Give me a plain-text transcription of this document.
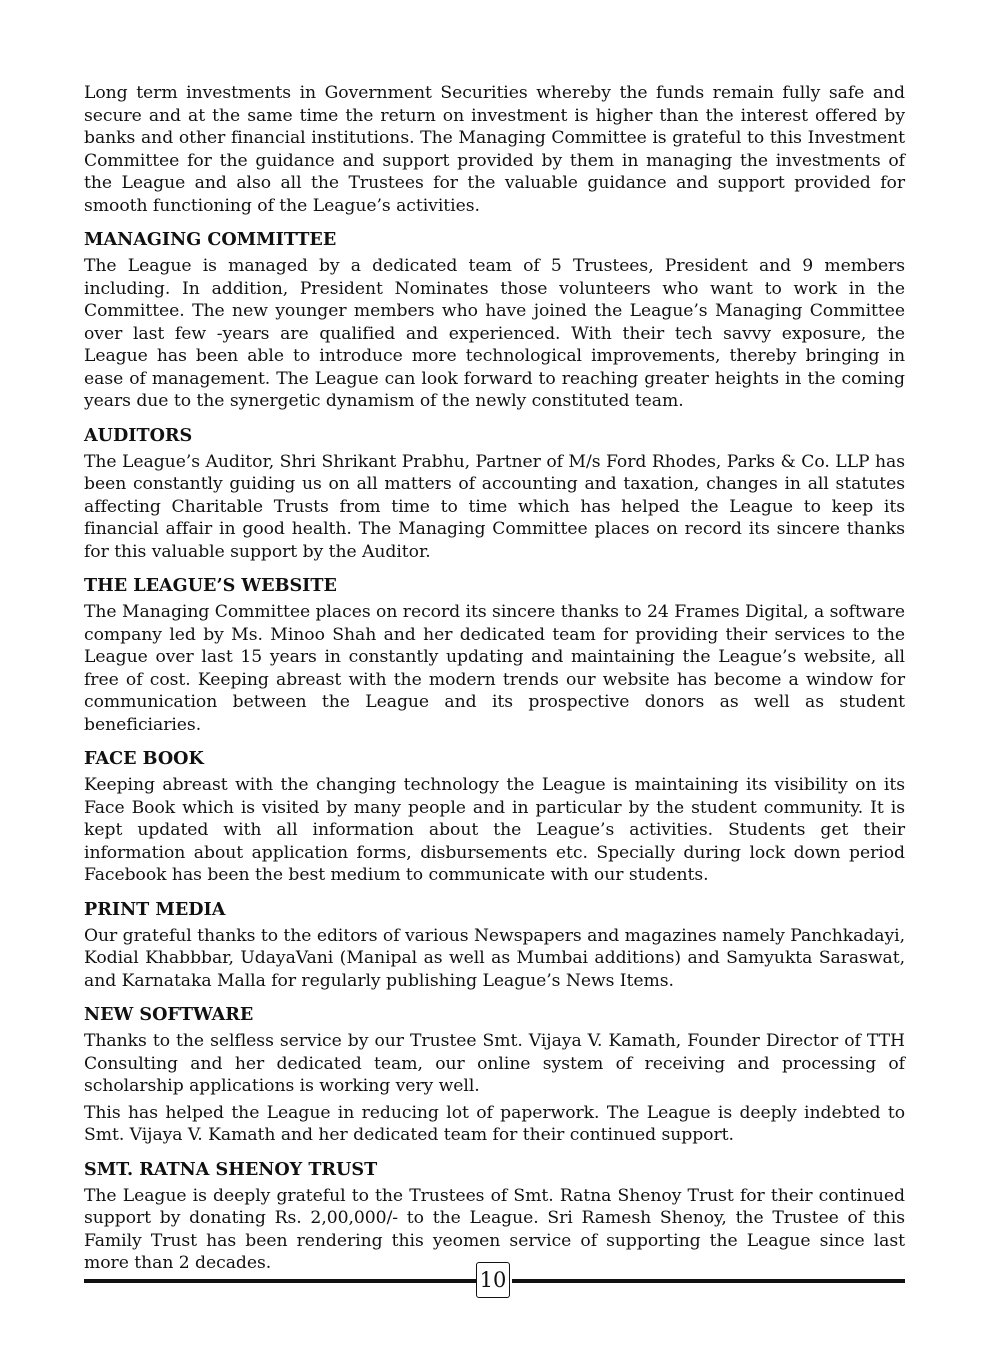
Long term investments in Government Securities whereby the funds remain fully safe and secure and at the same time the return on investment is higher than the interest offered by banks and other financial institutions. The Managing Committee is grateful to this Investment Committee for the guidance and support provided by them in managing the investments of the League and also all the Trustees for the valuable guidance and support provided for smooth functioning of the League’s activities.

MANAGING COMMITTEE

The League is managed by a dedicated team of 5 Trustees, President and 9 members including. In addition, President Nominates those volunteers who want to work in the Committee. The new younger members who have joined the League’s Managing Committee over last few -years are qualified and experienced. With their tech savvy exposure, the League has been able to introduce more technological improvements, thereby bringing in ease of management. The League can look forward to reaching greater heights in the coming years due to the synergetic dynamism of the newly constituted team.

AUDITORS

The League’s Auditor, Shri Shrikant Prabhu, Partner of M/s Ford Rhodes, Parks & Co. LLP has been constantly guiding us on all matters of accounting and taxation, changes in all statutes affecting Charitable Trusts from time to time which has helped the League to keep its financial affair in good health. The Managing Committee places on record its sincere thanks for this valuable support by the Auditor.

THE LEAGUE’S WEBSITE

The Managing Committee places on record its sincere thanks to 24 Frames Digital, a software company led by Ms. Minoo Shah and her dedicated team for providing their services to the League over last 15 years in constantly updating and maintaining the League’s website, all free of cost. Keeping abreast with the modern trends our website has become a window for communication between the League and its prospective donors as well as student beneficiaries.

FACE BOOK

Keeping abreast with the changing technology the League is maintaining its visibility on its Face Book which is visited by many people and in particular by the student community. It is kept updated with all information about the League’s activities. Students get their information about application forms, disbursements etc. Specially during lock down period Facebook has been the best medium to communicate with our students.

PRINT MEDIA

Our grateful thanks to the editors of various Newspapers and magazines namely Panchkadayi, Kodial Khabbbar, UdayaVani (Manipal as well as Mumbai additions) and Samyukta Saraswat, and Karnataka Malla for regularly publishing League’s News Items.

NEW SOFTWARE

Thanks to the selfless service by our Trustee Smt. Vijaya V. Kamath, Founder Director of TTH Consulting and her dedicated team, our online system of receiving and processing of scholarship applications is working very well.

This has helped the League in reducing lot of paperwork. The League is deeply indebted to Smt. Vijaya V. Kamath and her dedicated team for their continued support.

SMT. RATNA SHENOY TRUST

The League is deeply grateful to the Trustees of Smt. Ratna Shenoy Trust for their continued support by donating Rs. 2,00,000/- to the League. Sri Ramesh Shenoy, the Trustee of this Family Trust has been rendering this yeomen service of supporting the League since last more than 2 decades.

10
